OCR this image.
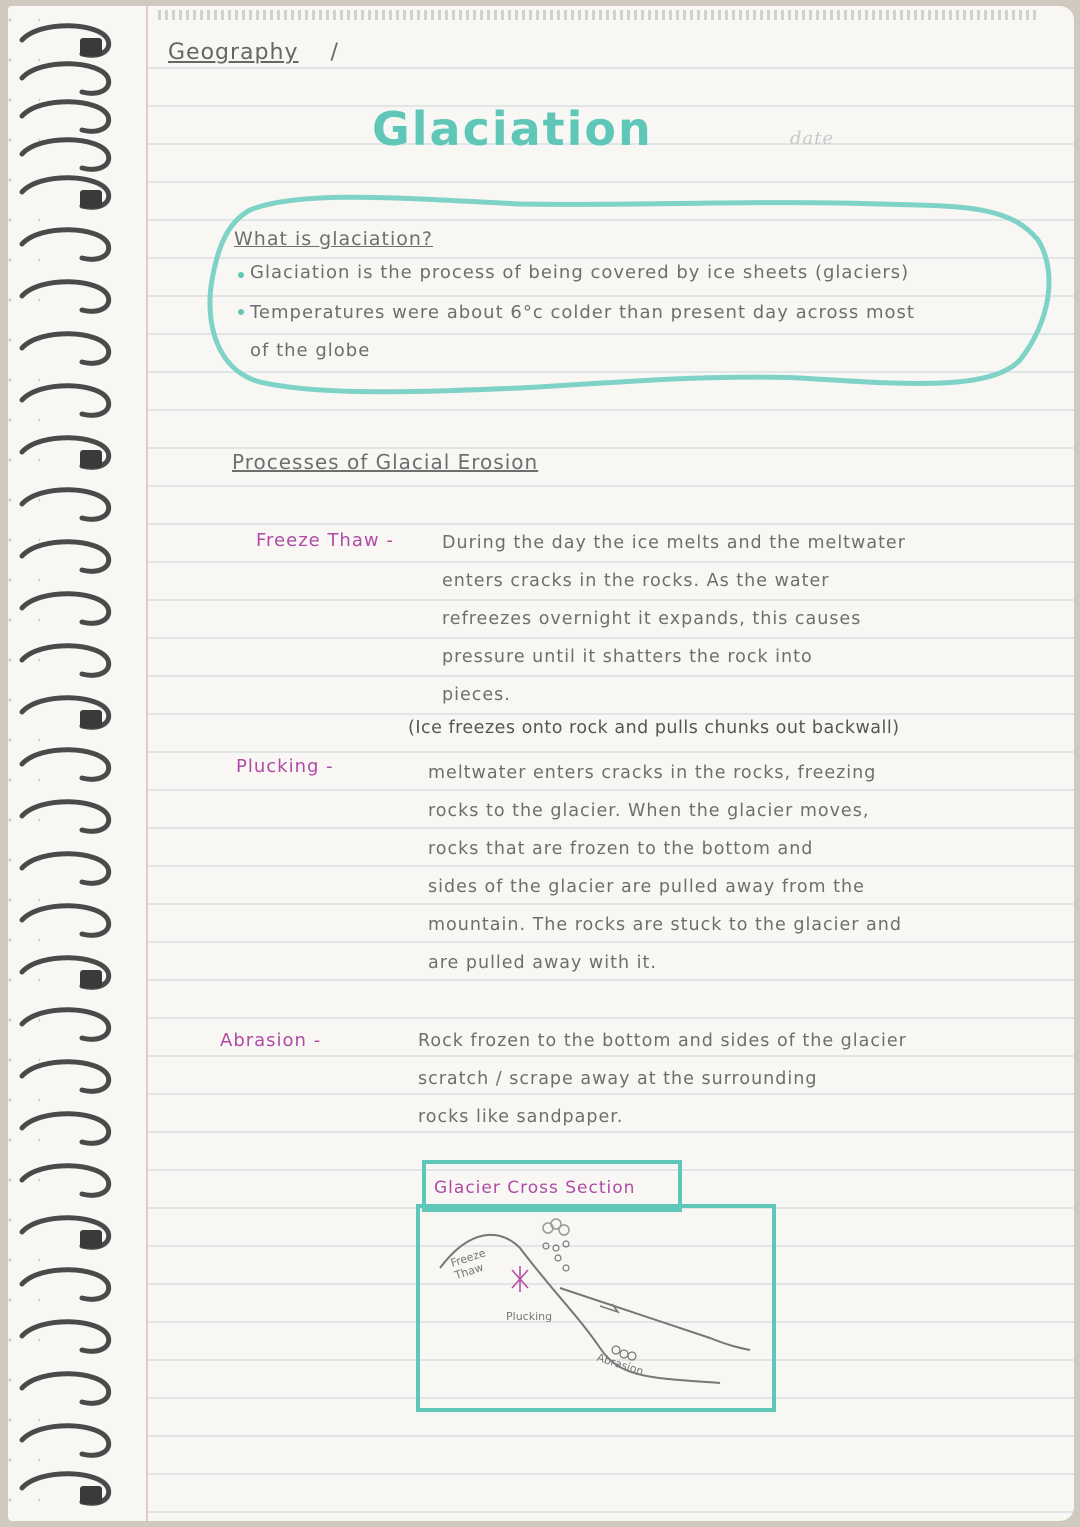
Geography /
Glaciation	date
What is glaciation?
Glaciation is the process of being covered by ice sheets (glaciers)
Temperatures were about 6°c colder than present day across most
of the globe
Processes of Glacial Erosion
Freeze Thaw -	During the day the ice melts and the meltwater
enters cracks in the rocks. As the water
refreezes overnight it expands, this causes
pressure until it shatters the rock into
pieces.
(Ice freezes onto rock and pulls chunks out backwall)
Plucking -	meltwater enters cracks in the rocks, freezing
rocks to the glacier. When the glacier moves,
rocks that are frozen to the bottom and
sides of the glacier are pulled away from the
mountain. The rocks are stuck to the glacier and
are pulled away with it.
Abrasion -	Rock frozen to the bottom and sides of the glacier
scratch / scrape away at the surrounding
rocks like sandpaper.
Glacier Cross Section
Freeze Thaw
Plucking
Abrasion
